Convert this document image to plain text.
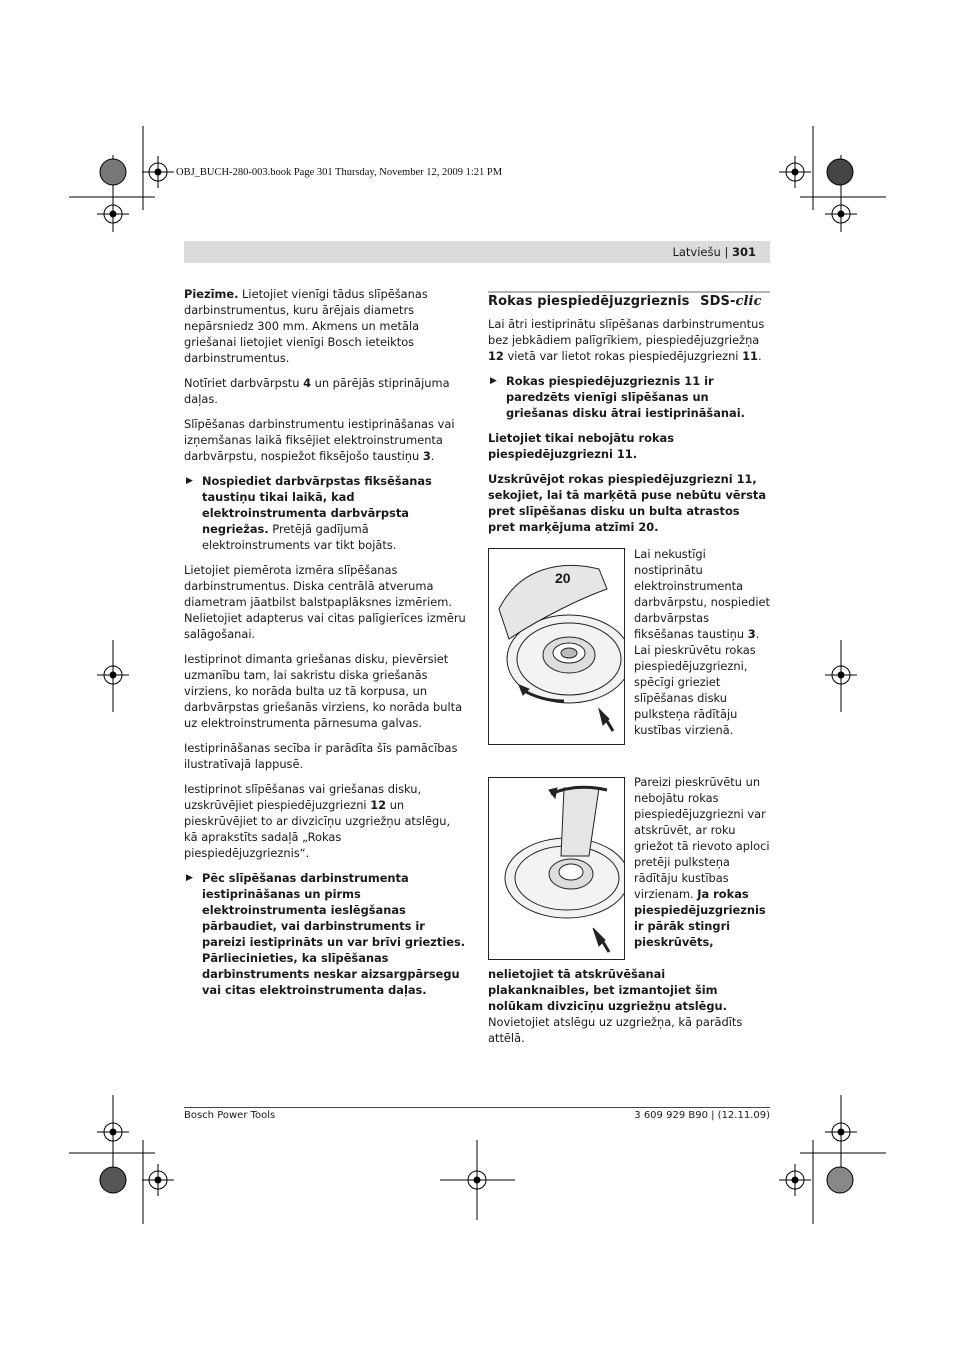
OBJ_BUCH-280-003.book Page 301 Thursday, November 12, 2009 1:21 PM
Latviešu | 301

Piezīme. Lietojiet vienīgi tādus slīpēšanas darbinstrumentus, kuru ārējais diametrs nepārsniedz 300 mm. Akmens un metāla griešanai lietojiet vienīgi Bosch ieteiktos darbinstrumentus.

Notīriet darbvārpstu 4 un pārējās stiprinājuma daļas.

Slīpēšanas darbinstrumentu iestiprināšanas vai izņemšanas laikā fiksējiet elektroinstrumenta darbvārpstu, nospiežot fiksējošo taustiņu 3.

▶ Nospiediet darbvārpstas fiksēšanas taustiņu tikai laikā, kad elektroinstrumenta darbvārpsta negriežas. Pretējā gadījumā elektroinstruments var tikt bojāts.

Lietojiet piemērota izmēra slīpēšanas darbinstrumentus. Diska centrālā atveruma diametram jāatbilst balstpaplāksnes izmēriem. Nelietojiet adapterus vai citas palīgierīces izmēru salāgošanai.

Iestiprinot dimanta griešanas disku, pievērsiet uzmanību tam, lai sakristu diska griešanās virziens, ko norāda bulta uz tā korpusa, un darbvārpstas griešanās virziens, ko norāda bulta uz elektroinstrumenta pārnesuma galvas.

Iestiprināšanas secība ir parādīta šīs pamācības ilustratīvajā lappusē.

Iestiprinot slīpēšanas vai griešanas disku, uzskrūvējiet piespiedējuzgriezni 12 un pieskrūvējiet to ar divzicīņu uzgriežņu atslēgu, kā aprakstīts sadaļā „Rokas piespiedējuzgrieznis“.

▶ Pēc slīpēšanas darbinstrumenta iestiprināšanas un pirms elektroinstrumenta ieslēgšanas pārbaudiet, vai darbinstruments ir pareizi iestiprināts un var brīvi griezties. Pārliecinieties, ka slīpēšanas darbinstruments neskar aizsargpārsegu vai citas elektroinstrumenta daļas.
Rokas piespiedējuzgrieznis SDS-clic

Lai ātri iestiprinātu slīpēšanas darbinstrumentus bez jebkādiem palīgrīkiem, piespiedējuzgriežņa 12 vietā var lietot rokas piespiedējuzgriezni 11.

▶ Rokas piespiedējuzgrieznis 11 ir paredzēts vienīgi slīpēšanas un griešanas disku ātrai iestiprināšanai.

Lietojiet tikai nebojātu rokas piespiedējuzgriezni 11.

Uzskrūvējot rokas piespiedējuzgriezni 11, sekojiet, lai tā marķētā puse nebūtu vērsta pret slīpēšanas disku un bulta atrastos pret marķējuma atzīmi 20.

20

Lai nekustīgi nostiprinātu elektroinstrumenta darbvārpstu, nospiediet darbvārpstas fiksēšanas taustiņu 3. Lai pieskrūvētu rokas piespiedējuzgriezni, spēcīgi grieziet slīpēšanas disku pulksteņa rādītāju kustības virzienā.

Pareizi pieskrūvētu un nebojātu rokas piespiedējuzgriezni var atskrūvēt, ar roku griežot tā rievoto aploci pretēji pulksteņa rādītāju kustības virzienam. Ja rokas piespiedējuzgrieznis ir pārāk stingri pieskrūvēts,

nelietojiet tā atskrūvēšanai plakanknaibles, bet izmantojiet šim nolūkam divzicīņu uzgriežņu atslēgu. Novietojiet atslēgu uz uzgriežņa, kā parādīts attēlā.

Bosch Power Tools	3 609 929 B90 | (12.11.09)
